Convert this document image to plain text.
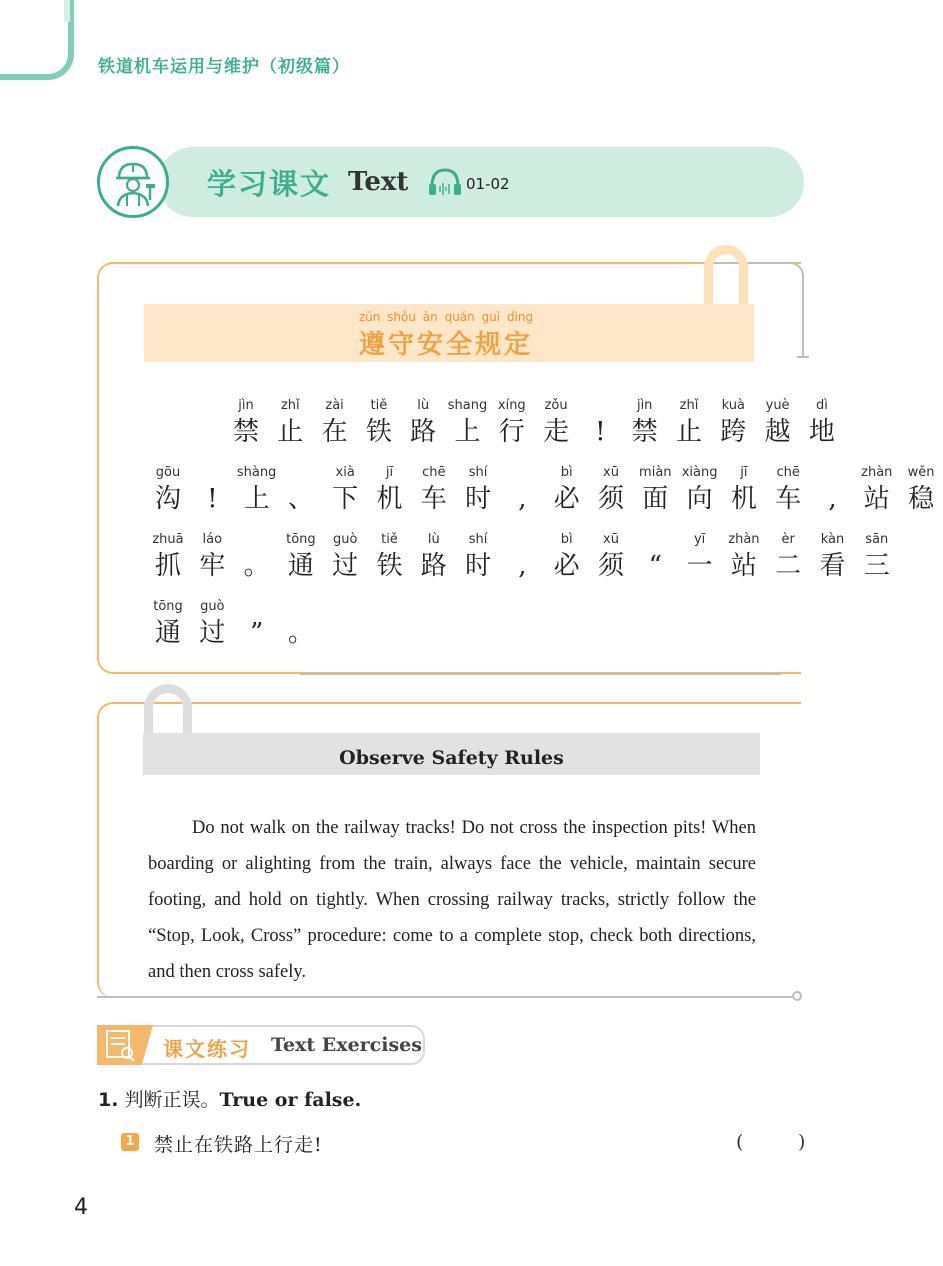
铁道机车运用与维护（初级篇）
学习课文 Text	01-02
zūn shǒu ān quán guī dìng
遵守安全规定
jìn
禁
zhǐ
止
zài
在
tiě
铁
lù
路
shang
上
xíng
行
zǒu
走	!
jìn
禁
zhǐ
止
kuà
跨
yuè
越
dì
地
gōu
沟	!
shàng
上 、
xià
下
jī
机
chē
车
shí
时	,
bì
必
xū
须
miàn
面
xiàng
向
jī
机
chē
车	,
zhàn
站
wěn
稳
zhuā
抓
láo
牢 。
tōng
通
guò
过
tiě
铁
lù
路
shí
时	,
bì
必
xū
须 “
yī
一
zhàn
站
èr
二
kàn
看
sān
三
tōng
通
guò
过 ” 。
Observe Safety Rules
Do not walk on the railway tracks! Do not cross the inspection pits! When boarding or alighting from the train, always face the vehicle, maintain secure footing, and hold on tightly. When crossing railway tracks, strictly follow the “Stop, Look, Cross” procedure: come to a complete stop, check both directions, and then cross safely.
课文练习 Text Exercises
1. 判断正误。True or false.
1 禁止在铁路上行走!	(	)
4
